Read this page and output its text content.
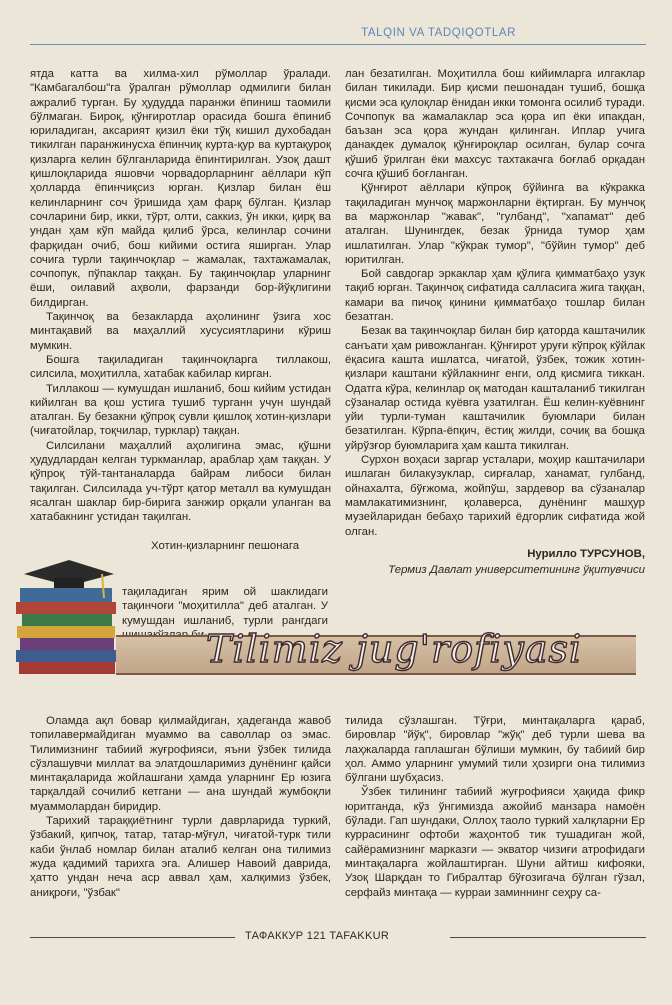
TALQIN VA TADQIQOTLAR

ятда катта ва хилма-хил рўмоллар ўралади. "Камбагалбош"га ўралган рўмоллар одмилиги билан ажралиб турган. Бу ҳудудда паранжи ёпиниш таомили бўлмаган. Бироқ, қўнғиротлар орасида бошга ёпиниб юриладиган, аксарият қизил ёки тўқ кишил духобадан тикилган паранжинусха ёпинчиқ курта-қур ва куртақуроқ қизларга келин бўлганларида ёпинтирилган. Узоқ дашт қишлоқларида яшовчи чорвадорларнинг аёллари кўп ҳолларда ёпинчиқсиз юрган. Қизлар билан ёш келинларнинг соч ўришида ҳам фарқ бўлган. Қизлар сочларини бир, икки, тўрт, олти, саккиз, ўн икки, қирқ ва ундан ҳам кўп майда қилиб ўрса, келинлар сочини фарқидан очиб, бош кийими остига яширган. Улар сочига турли тақинчоқлар – жамалак, тахтажамалак, сочпопук, пўпаклар таққан. Бу тақинчоқлар уларнинг ёши, оилавий аҳволи, фарзанди бор-йўқлигини билдирган.

Тақинчоқ ва безакларда аҳолининг ўзига хос минтақавий ва маҳаллий хусусиятларини кўриш мумкин.

Бошга тақиладиган тақинчоқларга тиллакош, силсила, моҳитилла, хатабак кабилар кирган.

Тиллакош — кумушдан ишланиб, бош кийим устидан кийилган ва қош устига тушиб турганн учун шундай аталган. Бу безакни қўпроқ сувли қишлоқ хотин-қизлари (чиғатойлар, тоқчилар, турклар) таққан.

Силсилани маҳаллий аҳолигина эмас, қўшни ҳудудлардан келган туркманлар, араблар ҳам таққан. У қўпроқ тўй-тантаналарда байрам либоси билан тақилган. Силсилада уч-тўрт қатор металл ва кумушдан ясалган шаклар бир-бирига занжир орқали уланган ва хатабакнинг устидан тақилган.

Хотин-қизларнинг пешонага

тақиладиган ярим ой шаклидаги тақинчоғи "моҳитилла" деб аталган. У кумушдан ишланиб, турли рангдаги
Tilimiz jug'rofiyasi

лан безатилган. Моҳитилла бош кийимларга илгаклар билан тикилади. Бир қисми пешонадан тушиб, бошқа қисми эса қулоқлар ёнидан икки томонга осилиб туради. Сочпопук ва жамалаклар эса қора ип ёки ипакдан, баъзан эса қора жундан қилинган. Иплар учига данакдек думалоқ қўнғироқлар осилган, булар сочга қўшиб ўрилган ёки махсус тахтакачга боғлаб орқадан сочга қўшиб боғланган.

Қўнғирот аёллари кўпроқ бўйинга ва кўкракка тақиладиган мунчоқ маржонларни ёқтирган. Бу мунчоқ ва маржонлар "жавак", "гулбанд", "хапамат" деб аталган. Шунингдек, безак ўрнида тумор ҳам ишлатилган. Улар "кўкрак тумор", "бўйин тумор" деб юритилган.

Бой савдогар эркаклар ҳам қўлига қимматбаҳо узук тақиб юрган. Тақинчоқ сифатида салласига жига таққан, камари ва пичоқ қинини қимматбаҳо тошлар билан безатган.

Безак ва тақинчоқлар билан бир қаторда каштачилик санъати ҳам ривожланган. Қўнғирот уруғи кўпроқ кўйлак ёқасига кашта ишлатса, чиғатой, ўзбек, тожик хотин-қизлари каштани кўйлакнинг енги, олд қисмига тиккан. Одатга кўра, келинлар оқ матодан кашталаниб тикилган сўзаналар остида куёвга узатилган. Ёш келин-куёвнинг уйи турли-туман каштачилик буюмлари билан безатилган. Кўрпа-ёпқич, ёстиқ жилди, сочиқ ва бошқа уйрўзғор буюмларига ҳам кашта тикилган.

Сурхон воҳаси заргар усталари, моҳир каштачилари ишлаган билакузуклар, сирғалар, ханамат, гулбанд, ойнахалта, бўғжома, жойпўш, зардевор ва сўзаналар мамлакатимизнинг, қолаверса, дунёнинг машҳур музейларидан бебаҳо тарихий ёдгорлик сифатида жой олган.

Нурилло ТУРСУНОВ,
Термиз Давлат университетининг ўқитувчиси

Оламда ақл бовар қилмайдиган, ҳадеганда жавоб топилавермайдиган муаммо ва саволлар оз эмас. Тилимизнинг табиий жуғрофияси, яъни ўзбек тилида сўзлашувчи миллат ва элатдошларимиз дунёнинг қайси минтақаларида жойлашгани ҳамда уларнинг Ер юзига тарқалдай сочилиб кетгани — ана шундай жумбоқли муаммолардан биридир.

Тарихий тараққиётнинг турли даврларида туркий, ўзбакий, қипчоқ, татар, татар-мўғул, чиғатой-турк тили каби ўнлаб номлар билан аталиб келган она тилимиз жуда қадимий тарихга эга. Алишер Навоий даврида, ҳатто ундан неча аср аввал ҳам, халқимиз ўзбек, аниқроғи, "ўзбак"

тилида сўзлашган. Тўғри, минтақаларга қараб, бировлар "йўқ", бировлар "жўқ" деб турли шева ва лаҳжаларда гаплашган бўлиши мумкин, бу табиий бир ҳол. Аммо уларнинг умумий тили ҳозирги она тилимиз бўлгани шубҳасиз.

Ўзбек тилининг табиий жуғрофияси ҳақида фикр юритганда, кўз ўнгимизда ажойиб манзара намоён бўлади. Гап шундаки, Оллоҳ таоло туркий халқларни Ер куррасининг офтоби жаҳонтоб тик тушадиган жой, сайёрамизнинг марказги — экватор чизиғи атрофидаги минтақаларга жойлаштирган. Шуни айтиш кифояки, Узоқ Шарқдан то Гибралтар бўғозигача бўлган гўзал, серфайз минтақа — курраи заминнинг сеҳру са-

ТАФАККУР 121 TAFAKKUR
